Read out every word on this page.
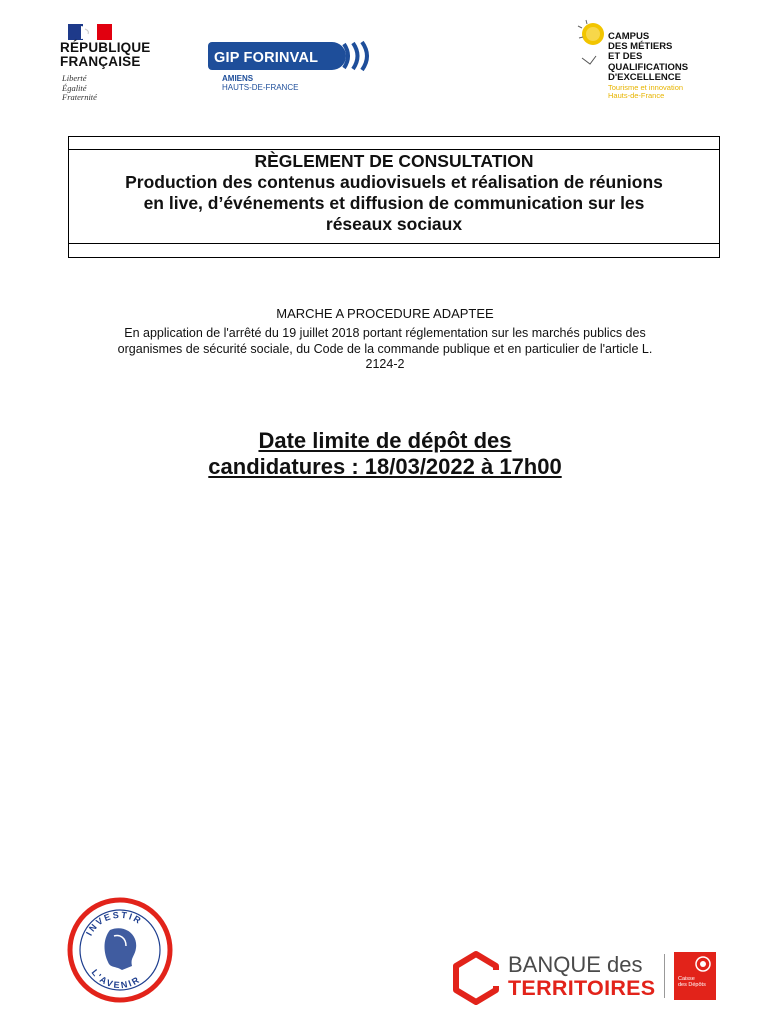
RÉPUBLIQUE
FRANÇAISE
Liberté
Égalité
Fraternité
GIP FORINVAL
AMIENS
HAUTS-DE-FRANCE
CAMPUS
DES MÉTIERS
ET DES
QUALIFICATIONS
D'EXCELLENCE
Tourisme et innovation
Hauts-de-France
RÈGLEMENT DE CONSULTATION
Production des contenus audiovisuels et réalisation de réunions
en live, d’événements et diffusion de communication sur les
réseaux sociaux
MARCHE A PROCEDURE ADAPTEE
En application de l'arrêté du 19 juillet 2018 portant réglementation sur les marchés publics des
organismes de sécurité sociale, du Code de la commande publique et en particulier de l'article L.
2124-2
Date limite de dépôt des
candidatures : 18/03/2022 à 17h00
INVESTIR
L'AVENIR
BANQUE des
TERRITOIRES	Caisse
des Dépôts
